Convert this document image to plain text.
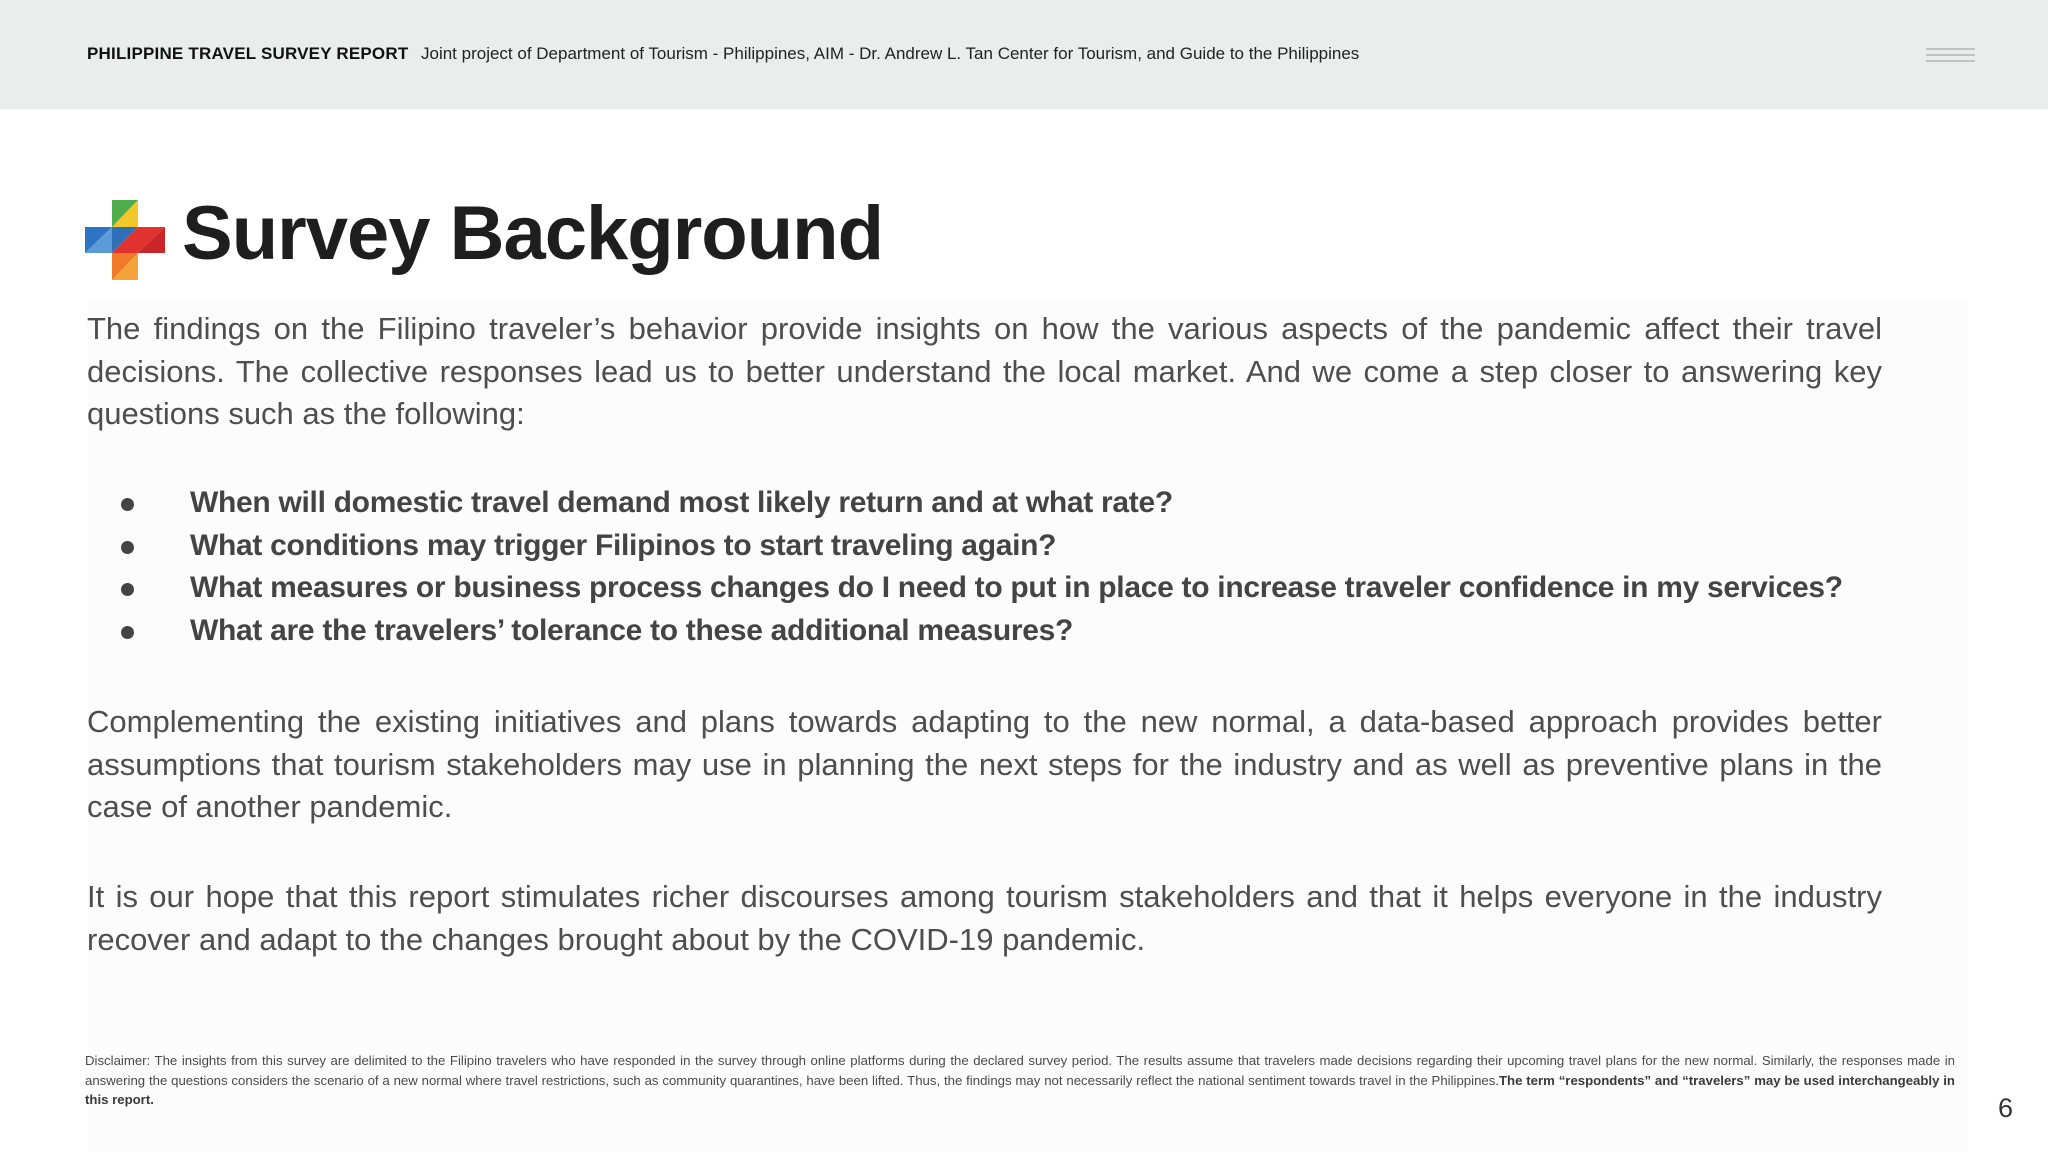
PHILIPPINE TRAVEL SURVEY REPORT Joint project of Department of Tourism - Philippines, AIM - Dr. Andrew L. Tan Center for Tourism, and Guide to the Philippines
Survey Background

The findings on the Filipino traveler’s behavior provide insights on how the various aspects of the pandemic affect their travel decisions. The collective responses lead us to better understand the local market. And we come a step closer to answering key questions such as the following:

When will domestic travel demand most likely return and at what rate?
What conditions may trigger Filipinos to start traveling again?
What measures or business process changes do I need to put in place to increase traveler confidence in my services?
What are the travelers’ tolerance to these additional measures?

Complementing the existing initiatives and plans towards adapting to the new normal, a data-based approach provides better assumptions that tourism stakeholders may use in planning the next steps for the industry and as well as preventive plans in the case of another pandemic.

It is our hope that this report stimulates richer discourses among tourism stakeholders and that it helps everyone in the industry recover and adapt to the changes brought about by the COVID-19 pandemic.

Disclaimer: The insights from this survey are delimited to the Filipino travelers who have responded in the survey through online platforms during the declared survey period. The results assume that travelers made decisions regarding their upcoming travel plans for the new normal. Similarly, the responses made in answering the questions considers the scenario of a new normal where travel restrictions, such as community quarantines, have been lifted. Thus, the findings may not necessarily reflect the national sentiment towards travel in the Philippines.The term “respondents” and “travelers” may be used interchangeably in this report.	6
